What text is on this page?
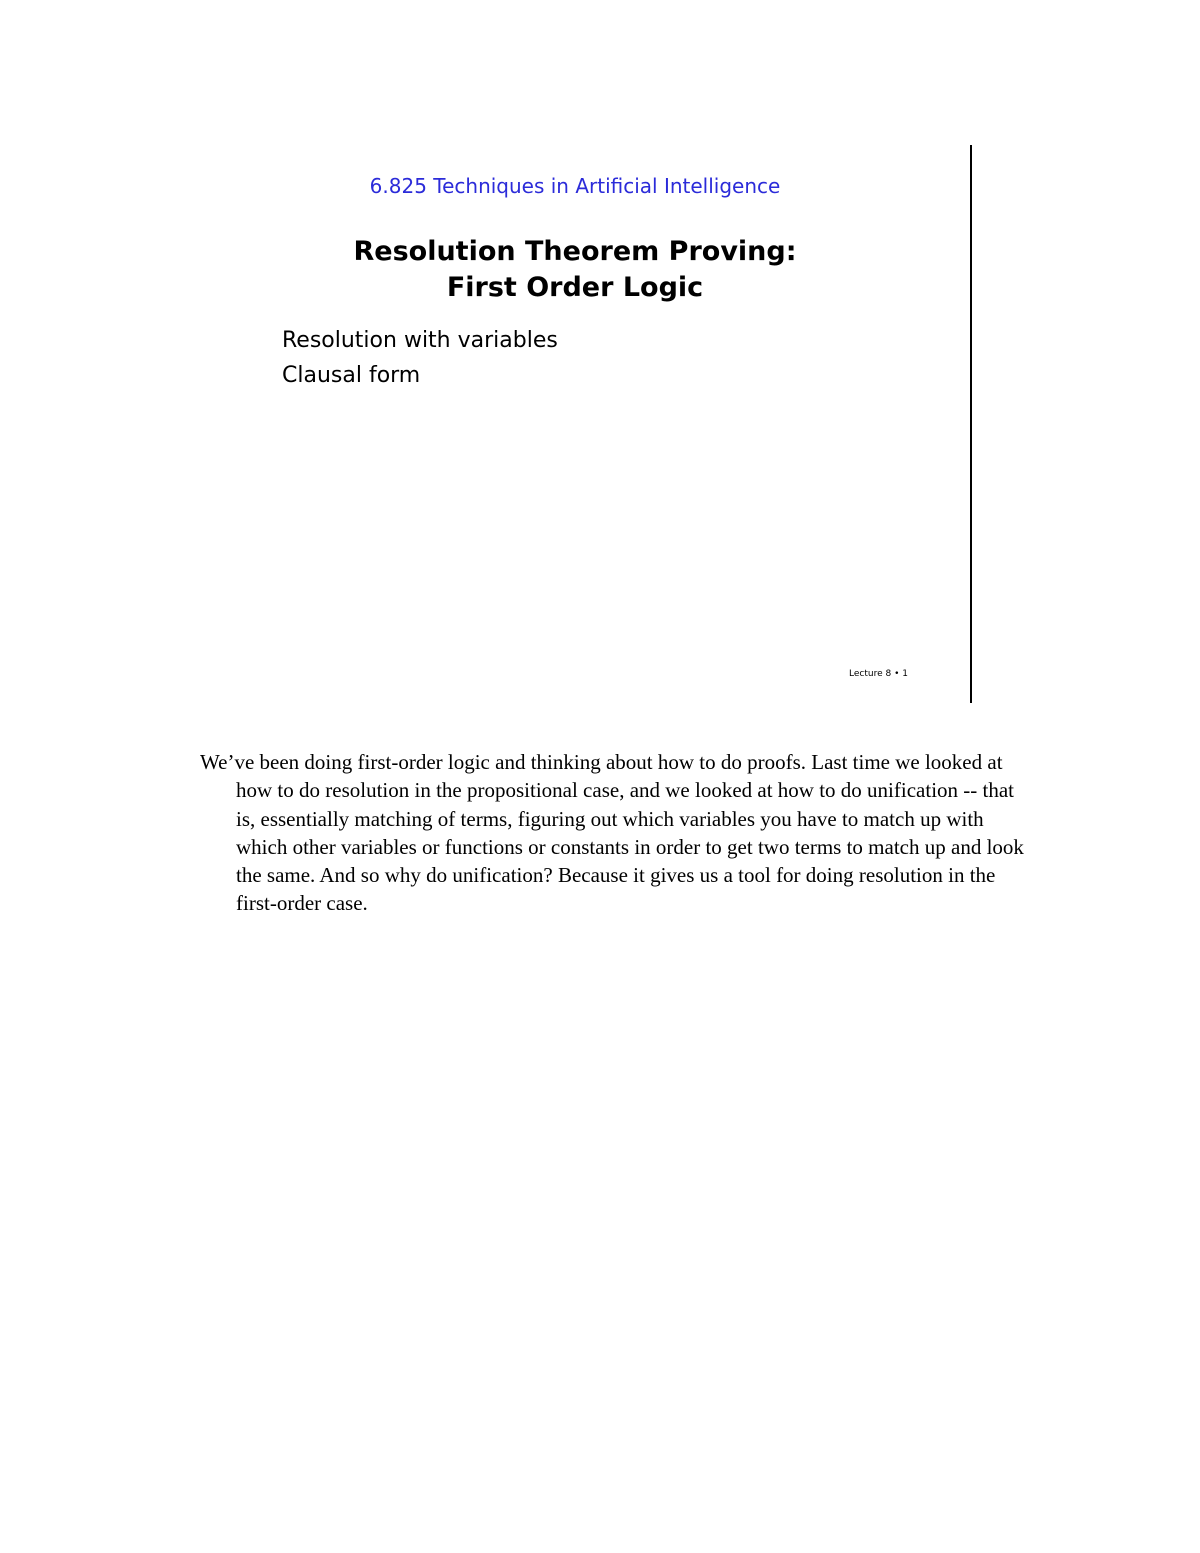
6.825 Techniques in Artificial Intelligence
Resolution Theorem Proving:
First Order Logic
Resolution with variables
Clausal form
Lecture 8 • 1

We’ve been doing first-order logic and thinking about how to do proofs. Last time we looked at how to do resolution in the propositional case, and we looked at how to do unification -- that is, essentially matching of terms, figuring out which variables you have to match up with which other variables or functions or constants in order to get two terms to match up and look the same. And so why do unification? Because it gives us a tool for doing resolution in the first-order case.
